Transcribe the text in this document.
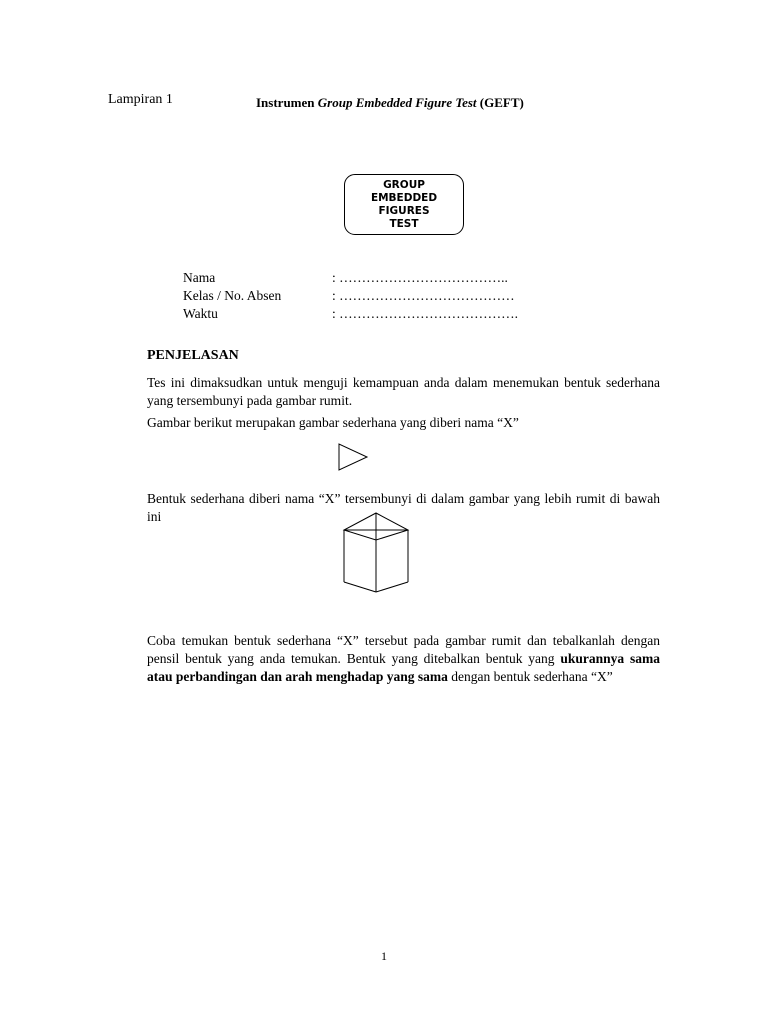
Lampiran 1	Instrumen Group Embedded Figure Test (GEFT)
GROUP
EMBEDDED
FIGURES
TEST
Nama	: ………………………………..
Kelas / No. Absen	: …………………………………
Waktu	: ………………………………….
PENJELASAN
Tes ini dimaksudkan untuk menguji kemampuan anda dalam menemukan bentuk sederhana yang tersembunyi pada gambar rumit.
Gambar berikut merupakan gambar sederhana yang diberi nama “X”
Bentuk sederhana diberi nama “X” tersembunyi di dalam gambar yang lebih rumit di bawah ini
Coba temukan bentuk sederhana “X” tersebut pada gambar rumit dan tebalkanlah dengan pensil bentuk yang anda temukan. Bentuk yang ditebalkan bentuk yang ukurannya sama atau perbandingan dan arah menghadap yang sama dengan bentuk sederhana “X”
1
